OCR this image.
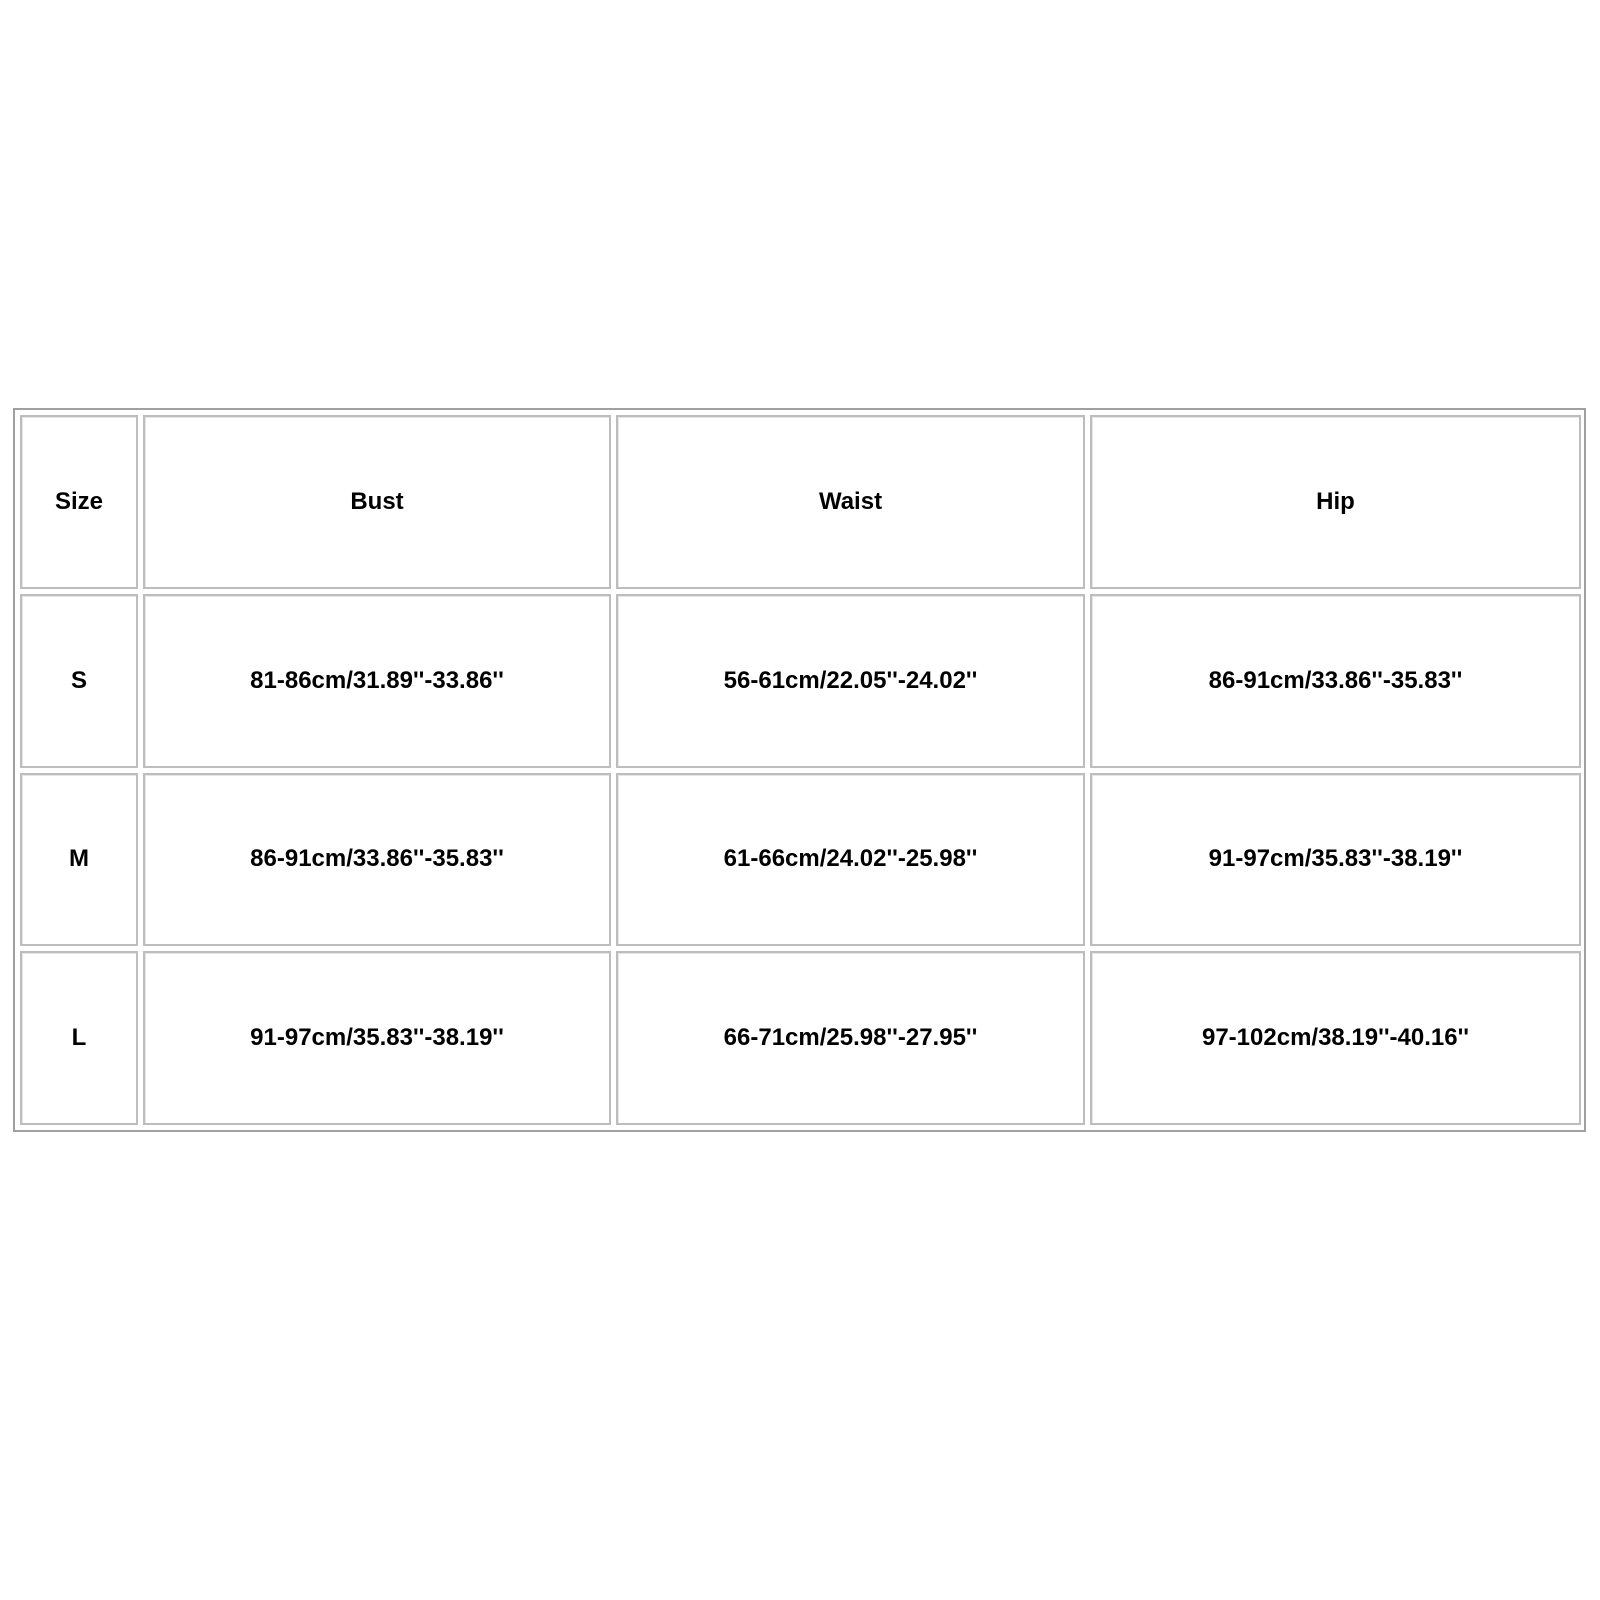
Size	Bust	Waist	Hip
S	81-86cm/31.89''-33.86''	56-61cm/22.05''-24.02''	86-91cm/33.86''-35.83''
M	86-91cm/33.86''-35.83''	61-66cm/24.02''-25.98''	91-97cm/35.83''-38.19''
L	91-97cm/35.83''-38.19''	66-71cm/25.98''-27.95''	97-102cm/38.19''-40.16''
